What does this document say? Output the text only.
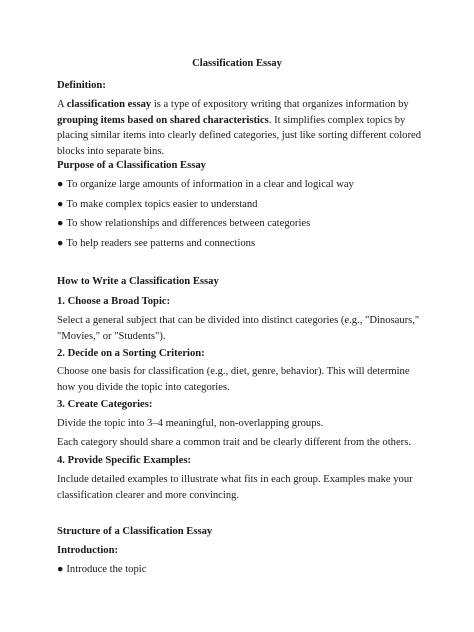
Classification Essay

Definition:

A classification essay is a type of expository writing that organizes information by grouping items based on shared characteristics. It simplifies complex topics by placing similar items into clearly defined categories, just like sorting different colored blocks into separate bins.

Purpose of a Classification Essay

● To organize large amounts of information in a clear and logical way

● To make complex topics easier to understand

● To show relationships and differences between categories

● To help readers see patterns and connections

How to Write a Classification Essay

1. Choose a Broad Topic:

Select a general subject that can be divided into distinct categories (e.g., "Dinosaurs," "Movies," or "Students").

2. Decide on a Sorting Criterion:

Choose one basis for classification (e.g., diet, genre, behavior). This will determine how you divide the topic into categories.

3. Create Categories:

Divide the topic into 3–4 meaningful, non-overlapping groups.

Each category should share a common trait and be clearly different from the others.

4. Provide Specific Examples:

Include detailed examples to illustrate what fits in each group. Examples make your classification clearer and more convincing.

Structure of a Classification Essay

Introduction:

● Introduce the topic
